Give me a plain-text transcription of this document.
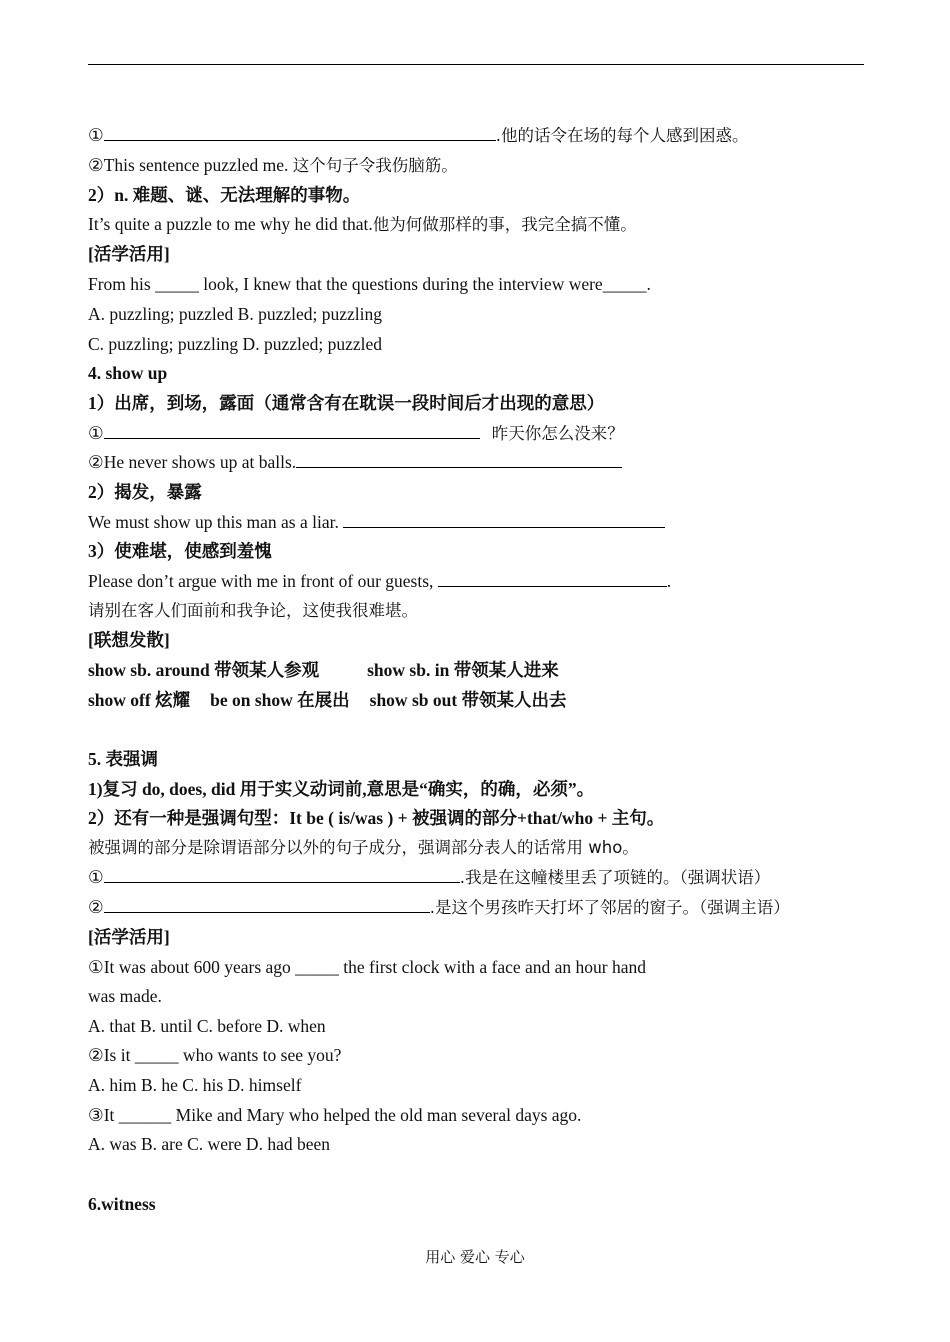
①	.他的话令在场的每个人感到困惑。
②This sentence puzzled me. 这个句子令我伤脑筋。
2）n. 难题、谜、无法理解的事物。
It’s quite a puzzle to me why he did that.他为何做那样的事，我完全搞不懂。
[活学活用]
From his _____ look, I knew that the questions during the interview were_____.
A. puzzling; puzzled B. puzzled; puzzling
C. puzzling; puzzling D. puzzled; puzzled
4. show up
1）出席，到场，露面（通常含有在耽误一段时间后才出现的意思）
①	昨天你怎么没来？
②He never shows up at balls.
2）揭发，暴露
We must show up this man as a liar.
3）使难堪，使感到羞愧
Please don’t argue with me in front of our guests,	.
请别在客人们面前和我争论，这使我很难堪。
[联想发散]
show sb. around 带领某人参观	show sb. in 带领某人进来
show off 炫耀 be on show 在展出 show sb out 带领某人出去
5. 表强调
1)复习 do, does, did 用于实义动词前,意思是“确实，的确，必须”。
2）还有一种是强调句型：It be ( is/was ) + 被强调的部分+that/who + 主句。
被强调的部分是除谓语部分以外的句子成分，强调部分表人的话常用 who。
①	.我是在这幢楼里丢了项链的。（强调状语）
②	.是这个男孩昨天打坏了邻居的窗子。（强调主语）
[活学活用]
①It was about 600 years ago _____ the first clock with a face and an hour hand
was made.
A. that B. until C. before D. when
②Is it _____ who wants to see you?
A. him B. he C. his D. himself
③It ______ Mike and Mary who helped the old man several days ago.
A. was B. are C. were D. had been
6.witness
用心 爱心 专心
